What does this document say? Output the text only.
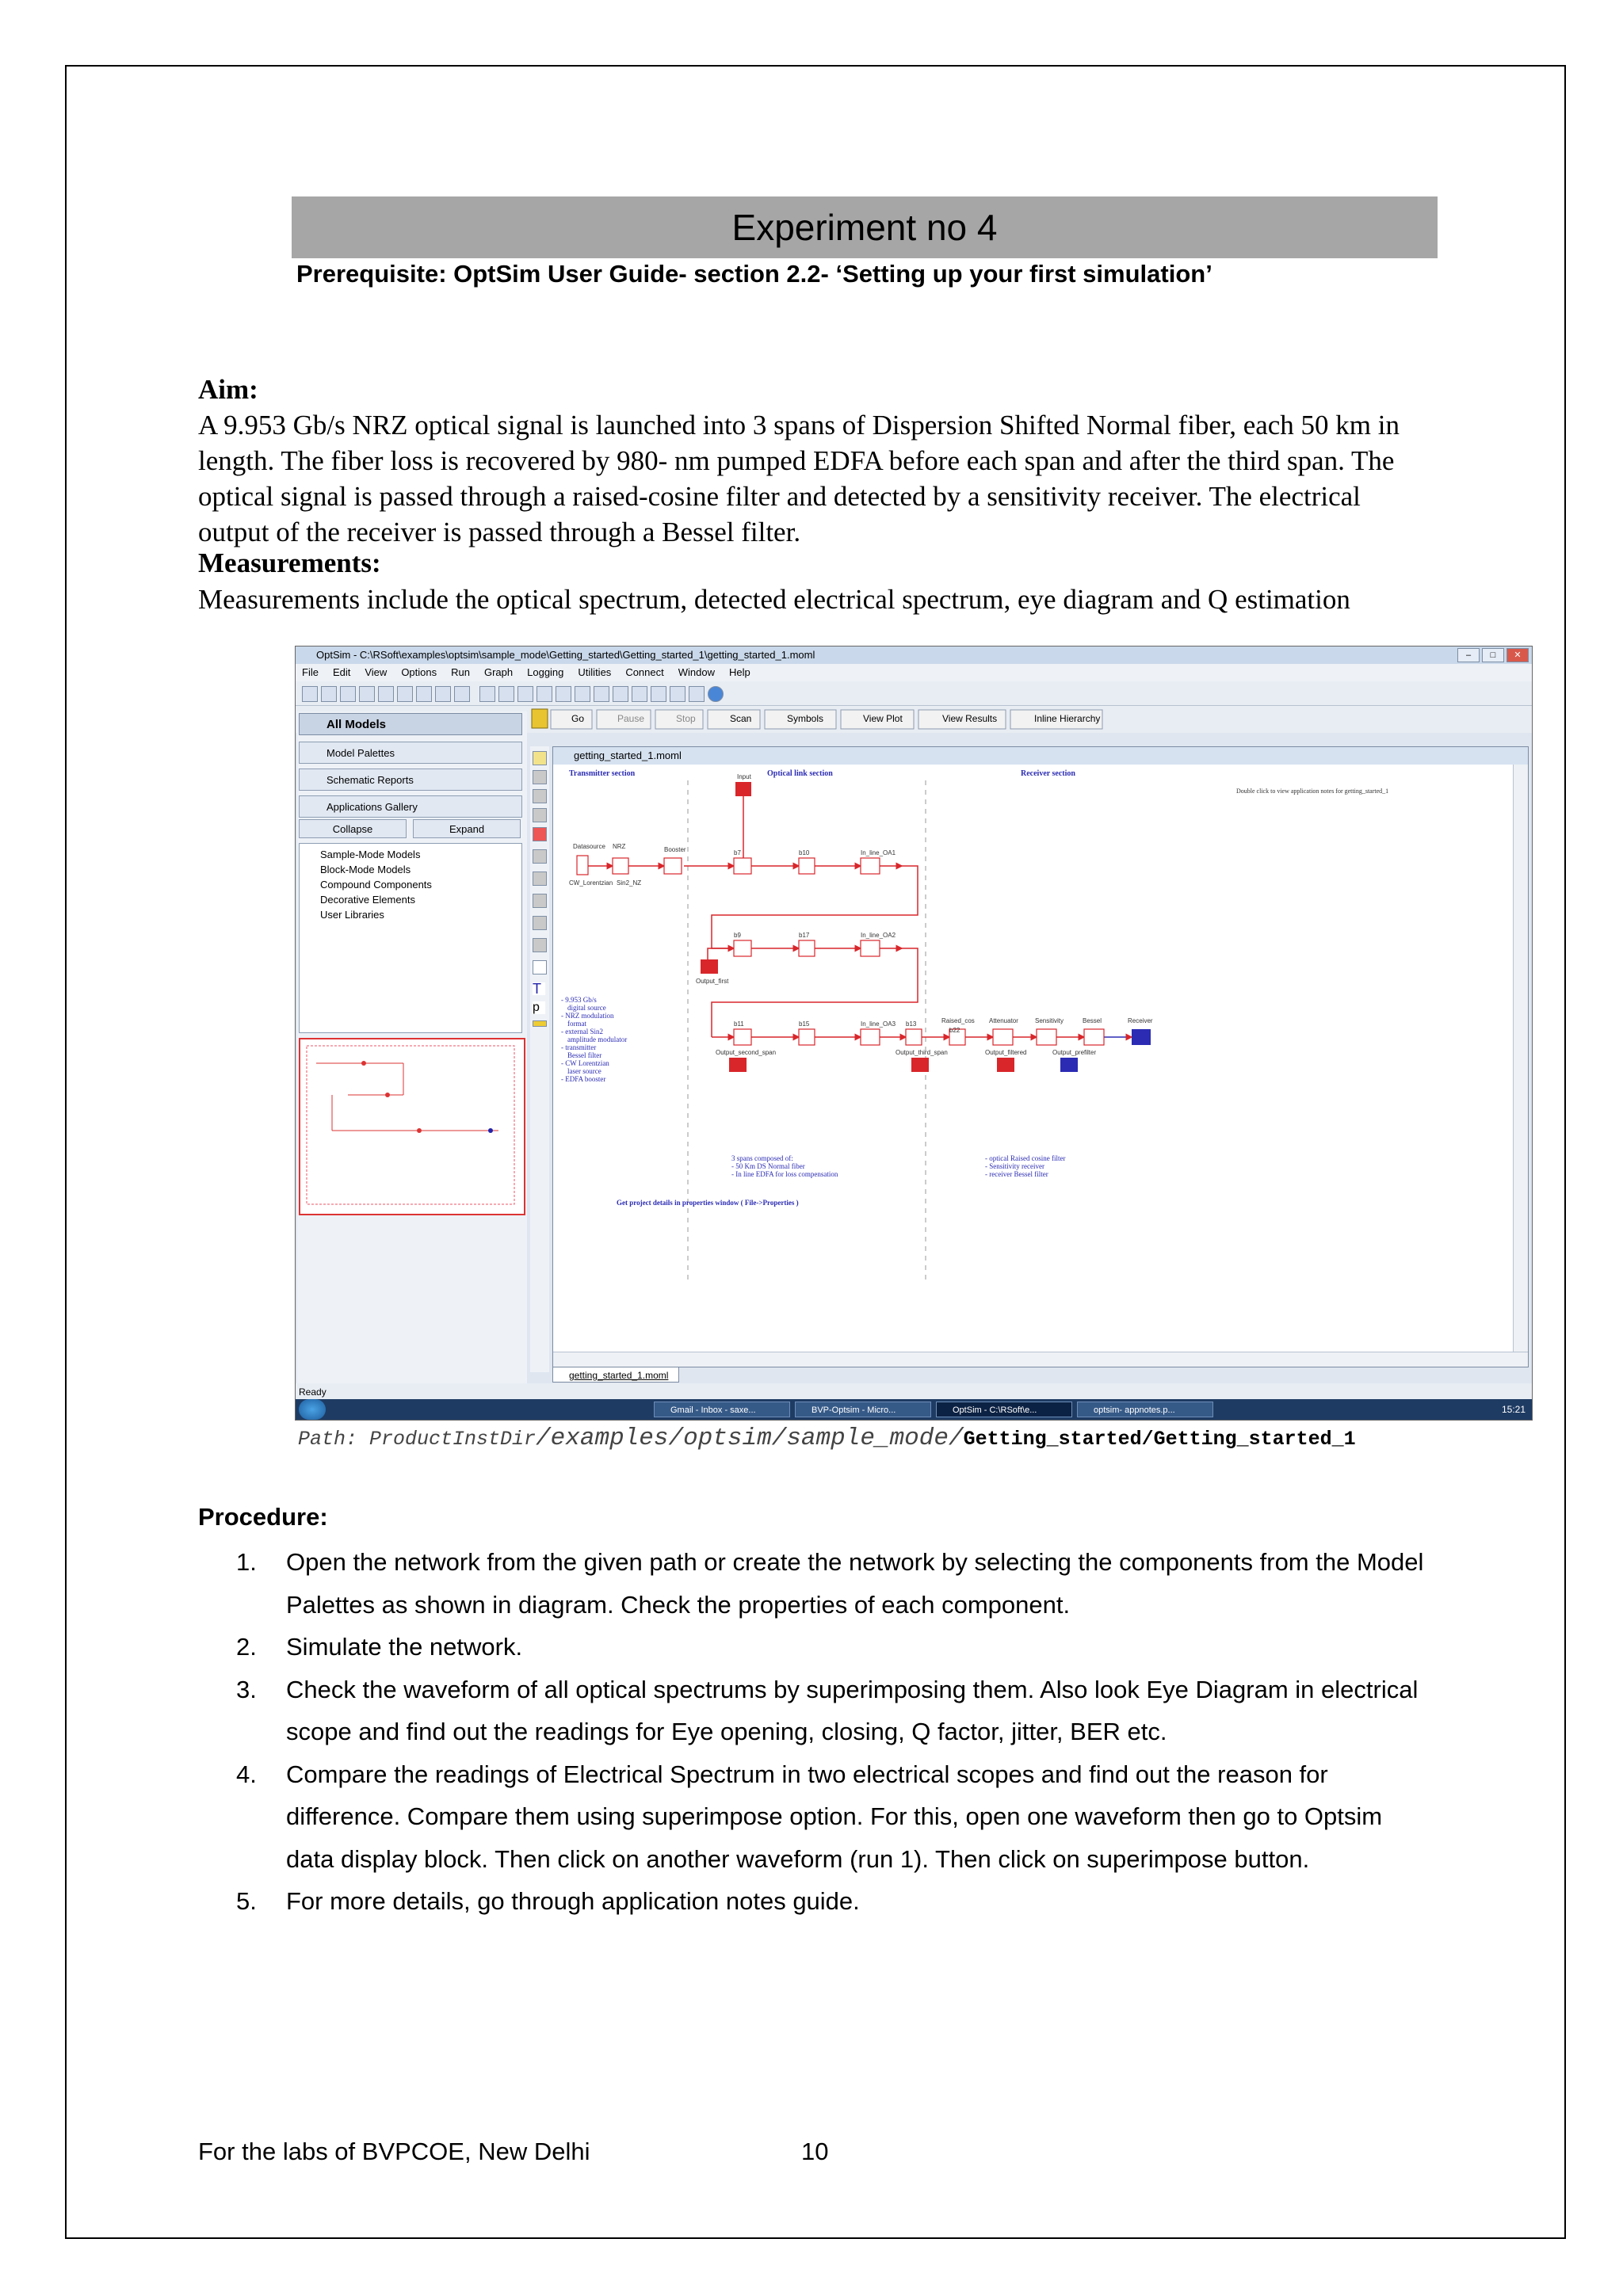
Experiment no 4
Prerequisite: OptSim User Guide- section 2.2- ‘Setting up your first simulation’
Aim:
A 9.953 Gb/s NRZ optical signal is launched into 3 spans of Dispersion Shifted Normal fiber, each 50 km in length. The fiber loss is recovered by 980- nm pumped EDFA before each span and after the third span. The optical signal is passed through a raised-cosine filter and detected by a sensitivity receiver. The electrical output of the receiver is passed through a Bessel filter.
Measurements:
Measurements include the optical spectrum, detected electrical spectrum, eye diagram and Q estimation
OptSim - C:\RSoft\examples\optsim\sample_mode\Getting_started\Getting_started_1\getting_started_1.moml	–	□	✕
File Edit View Options Run Graph Logging Utilities Connect Window Help
Go	Pause	Stop	Scan	Symbols	View Plot	View Results	Inline Hierarchy
All Models
Model Palettes
Schematic Reports
Applications Gallery
Collapse	Expand
Sample-Mode Models
Block-Mode Models
Compound Components
Decorative Elements
User Libraries
T
p
getting_started_1.moml
Transmitter section	Optical link section	Receiver section
Double click to view application notes for getting_started_1
Datasource NRZ
CW_Lorentzian Sin2_NZ
Booster
Input
b7	b10	In_line_OA1
b9	b17	In_line_OA2
Output_first
b11	b15	In_line_OA3 b13	Raised_cos
b22
Attenuator	Sensitivity	Bessel	Receiver
Output_second_span	Output_third_span	Output_filtered	Output_prefilter
- 9.953 Gb/s
digital source
- NRZ modulation
format
- external Sin2
amplitude modulator
- transmitter
Bessel filter
- CW Lorentzian
laser source
- EDFA booster
3 spans composed of:
- 50 Km DS Normal fiber
- In line EDFA for loss compensation
- optical Raised cosine filter
- Sensitivity receiver
- receiver Bessel filter
Get project details in properties window ( File->Properties )
getting_started_1.moml
Ready
Gmail - Inbox - saxe...	BVP-Optsim - Micro...	OptSim - C:\RSoft\e...	optsim- appnotes.p...	15:21
Path: ProductInstDir/examples/optsim/sample_mode/Getting_started/Getting_started_1
Procedure:
1. Open the network from the given path or create the network by selecting the components from the Model Palettes as shown in diagram. Check the properties of each component.
2. Simulate the network.
3. Check the waveform of all optical spectrums by superimposing them. Also look Eye Diagram in electrical scope and find out the readings for Eye opening, closing, Q factor, jitter, BER etc.
4. Compare the readings of Electrical Spectrum in two electrical scopes and find out the reason for difference. Compare them using superimpose option. For this, open one waveform then go to Optsim data display block. Then click on another waveform (run 1). Then click on superimpose button.
5. For more details, go through application notes guide.
For the labs of BVPCOE, New Delhi	10
